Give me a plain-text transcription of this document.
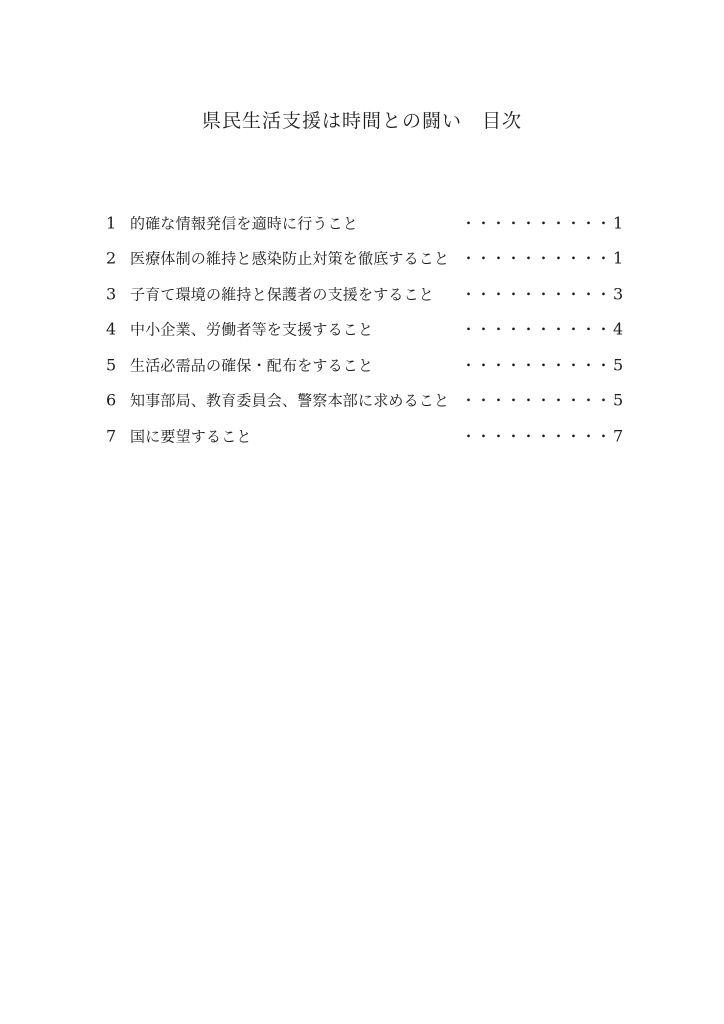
県民生活支援は時間との闘い　目次
1 的確な情報発信を適時に行うこと	・・・・・・・・・・ 1
2 医療体制の維持と感染防止対策を徹底すること ・・・・・・・・・・ 1
3 子育て環境の維持と保護者の支援をすること ・・・・・・・・・・ 3
4 中小企業、労働者等を支援すること	・・・・・・・・・・ 4
5 生活必需品の確保・配布をすること	・・・・・・・・・・ 5
6 知事部局、教育委員会、警察本部に求めること ・・・・・・・・・・ 5
7 国に要望すること	・・・・・・・・・・ 7
